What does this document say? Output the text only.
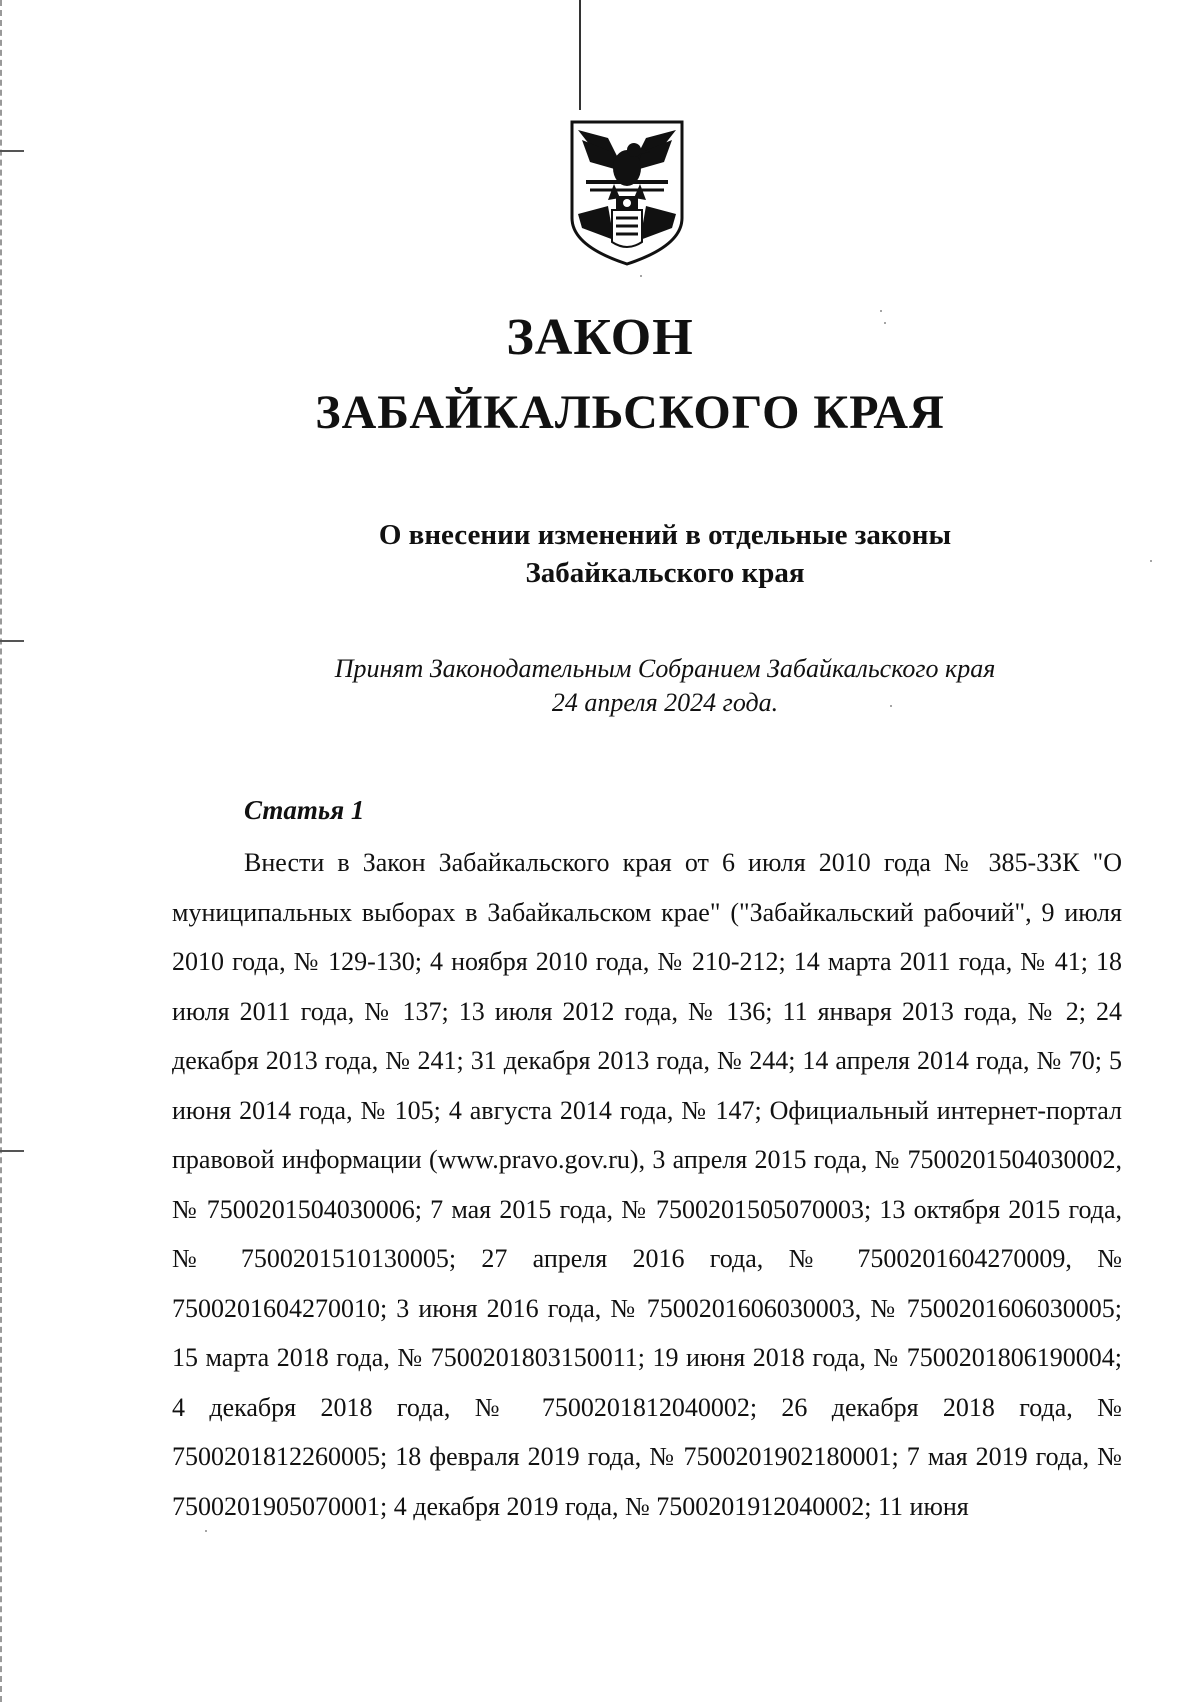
ЗАКОН
ЗАБАЙКАЛЬСКОГО КРАЯ
О внесении изменений в отдельные законы
Забайкальского края
Принят Законодательным Собранием Забайкальского края
24 апреля 2024 года.
Статья 1

Внести в Закон Забайкальского края от 6 июля 2010 года № 385-ЗЗК "О муниципальных выборах в Забайкальском крае" ("Забайкальский рабочий", 9 июля 2010 года, № 129-130; 4 ноября 2010 года, № 210-212; 14 марта 2011 года, № 41; 18 июля 2011 года, № 137; 13 июля 2012 года, № 136; 11 января 2013 года, № 2; 24 декабря 2013 года, № 241; 31 декабря 2013 года, № 244; 14 апреля 2014 года, № 70; 5 июня 2014 года, № 105; 4 августа 2014 года, № 147; Официальный интернет-портал правовой информации (www.pravo.gov.ru), 3 апреля 2015 года, № 7500201504030002, № 7500201504030006; 7 мая 2015 года, № 7500201505070003; 13 октября 2015 года, № 7500201510130005; 27 апреля 2016 года, № 7500201604270009, № 7500201604270010; 3 июня 2016 года, № 7500201606030003, № 7500201606030005; 15 марта 2018 года, № 7500201803150011; 19 июня 2018 года, № 7500201806190004; 4 декабря 2018 года, № 7500201812040002; 26 декабря 2018 года, № 7500201812260005; 18 февраля 2019 года, № 7500201902180001; 7 мая 2019 года, № 7500201905070001; 4 декабря 2019 года, № 7500201912040002; 11 июня
